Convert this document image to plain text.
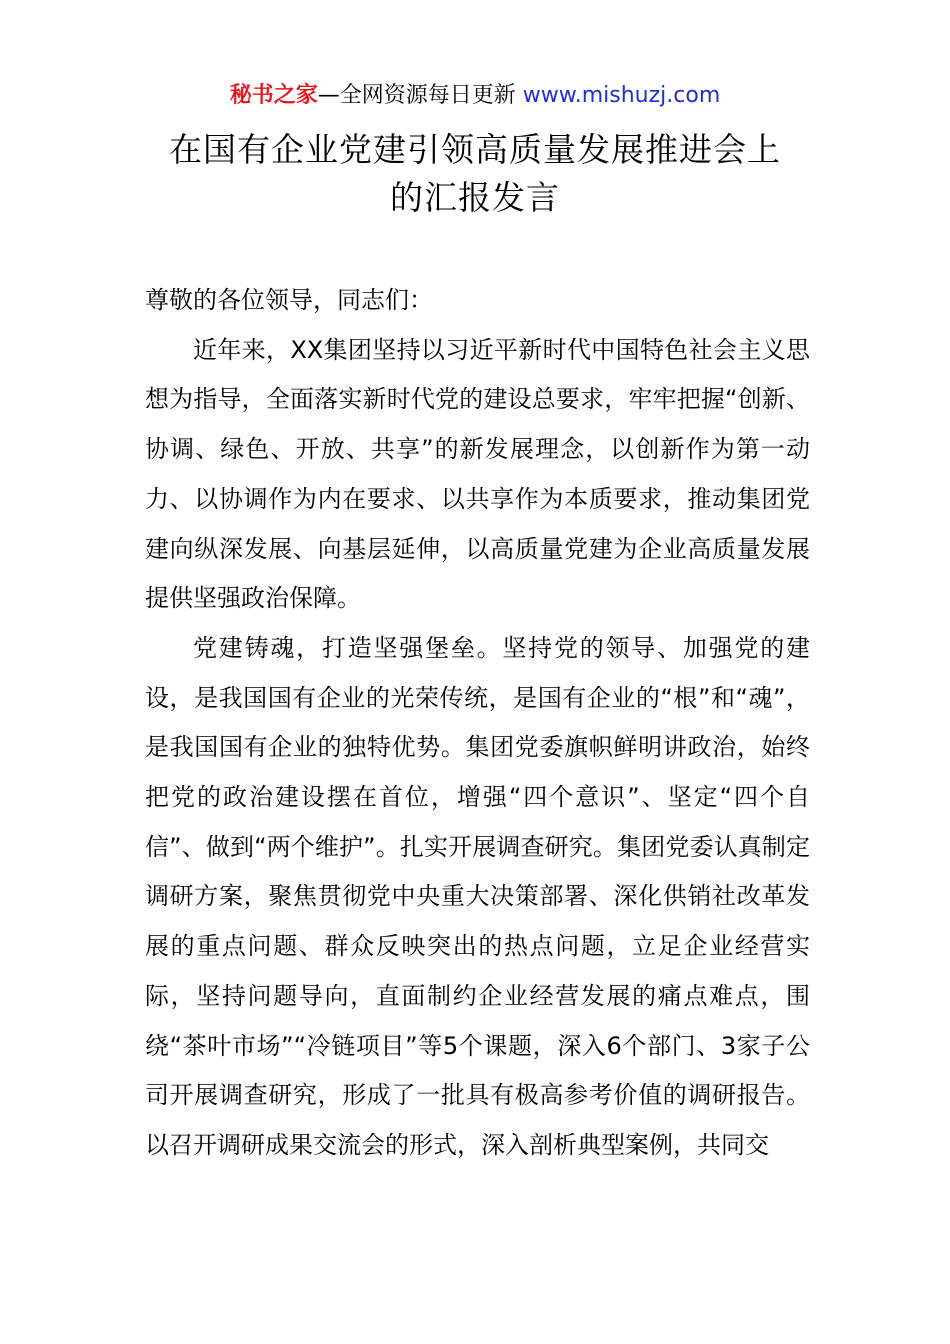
秘书之家—全网资源每日更新 www.mishuzj.com
在国有企业党建引领高质量发展推进会上
的汇报发言

尊敬的各位领导，同志们：

近年来，XX集团坚持以习近平新时代中国特色社会主义思想为指导，全面落实新时代党的建设总要求，牢牢把握“创新、协调、绿色、开放、共享”的新发展理念，以创新作为第一动力、以协调作为内在要求、以共享作为本质要求，推动集团党建向纵深发展、向基层延伸，以高质量党建为企业高质量发展提供坚强政治保障。

党建铸魂，打造坚强堡垒。坚持党的领导、加强党的建设，是我国国有企业的光荣传统，是国有企业的“根”和“魂”，是我国国有企业的独特优势。集团党委旗帜鲜明讲政治，始终把党的政治建设摆在首位，增强“四个意识”、坚定“四个自信”、做到“两个维护”。扎实开展调查研究。集团党委认真制定调研方案，聚焦贯彻党中央重大决策部署、深化供销社改革发展的重点问题、群众反映突出的热点问题，立足企业经营实际，坚持问题导向，直面制约企业经营发展的痛点难点，围绕“茶叶市场”“冷链项目”等5个课题，深入6个部门、3家子公司开展调查研究，形成了一批具有极高参考价值的调研报告。以召开调研成果交流会的形式，深入剖析典型案例，共同交
